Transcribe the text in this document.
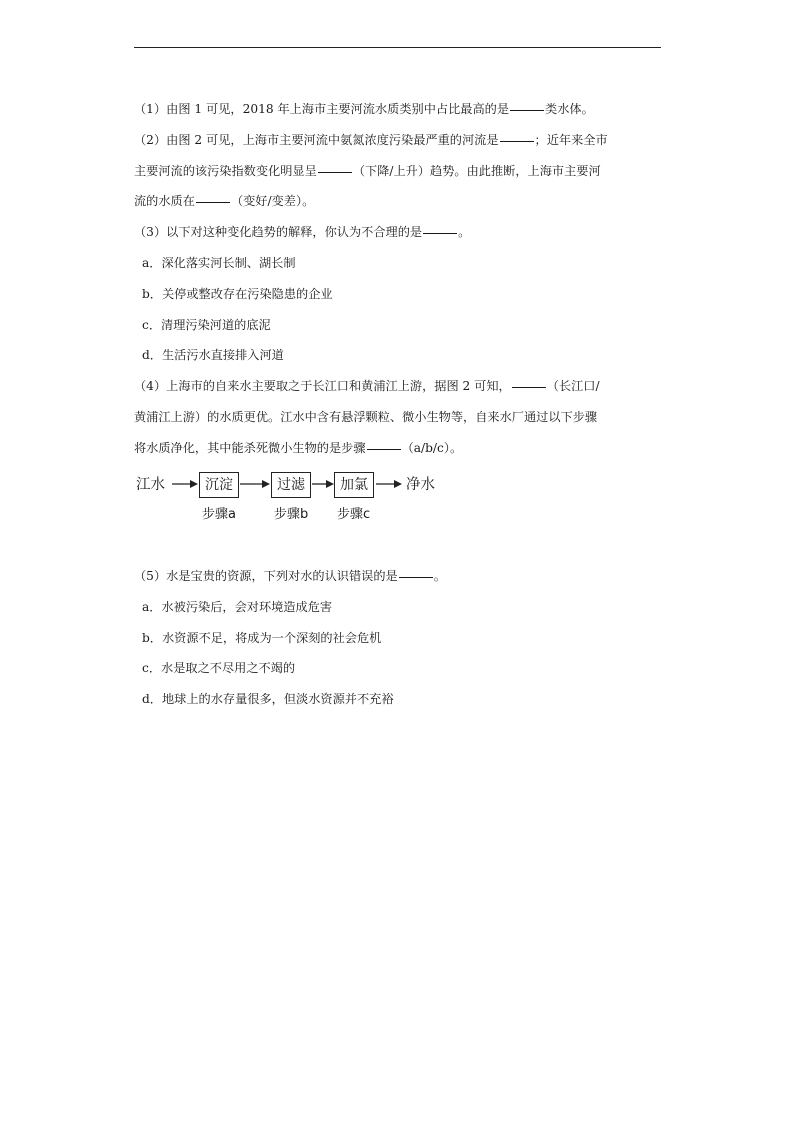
（1）由图 1 可见，2018 年上海市主要河流水质类别中占比最高的是	类水体。

（2）由图 2 可见，上海市主要河流中氨氮浓度污染最严重的河流是	；近年来全市

主要河流的该污染指数变化明显呈	（下降/上升）趋势。由此推断，上海市主要河

流的水质在	（变好/变差）。

（3）以下对这种变化趋势的解释，你认为不合理的是	。

a．深化落实河长制、湖长制

b．关停或整改存在污染隐患的企业

c．清理污染河道的底泥

d．生活污水直接排入河道

（4）上海市的自来水主要取之于长江口和黄浦江上游，据图 2 可知，	（长江口/

黄浦江上游）的水质更优。江水中含有悬浮颗粒、微小生物等，自来水厂通过以下步骤

将水质净化，其中能杀死微小生物的是步骤	（a/b/c）。

江水	沉淀	过滤	加氯	净水
步骤a	步骤b 步骤c

（5）水是宝贵的资源，下列对水的认识错误的是	。

a．水被污染后，会对环境造成危害

b．水资源不足，将成为一个深刻的社会危机

c．水是取之不尽用之不竭的

d．地球上的水存量很多，但淡水资源并不充裕
